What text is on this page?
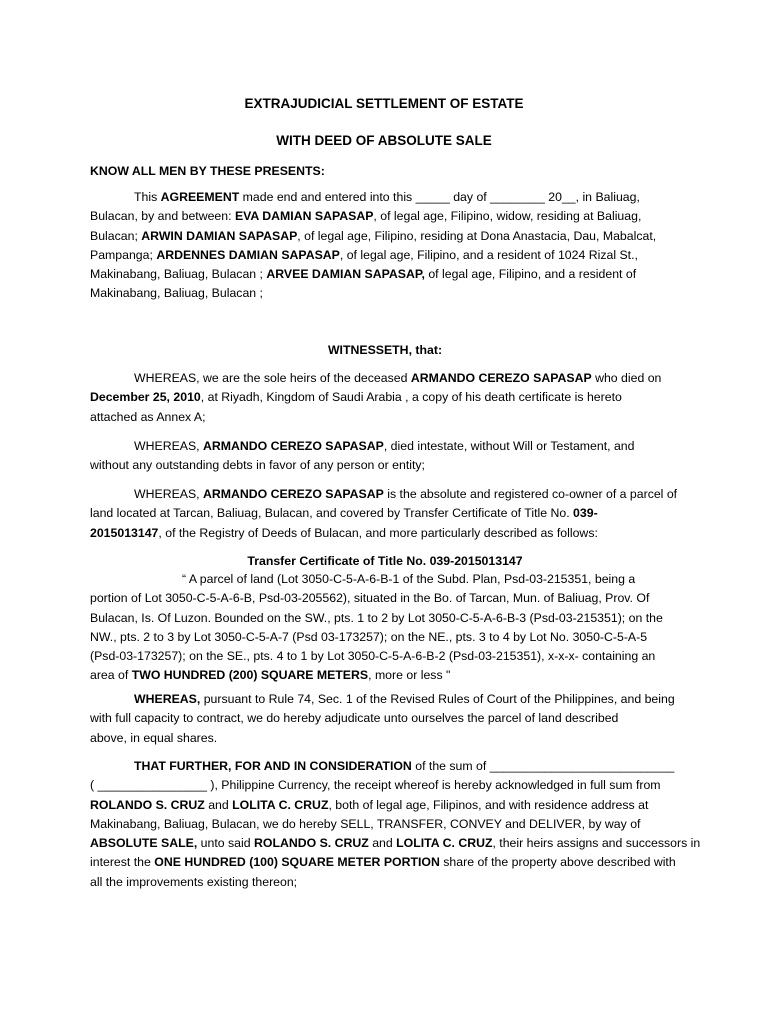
EXTRAJUDICIAL SETTLEMENT OF ESTATE
WITH DEED OF ABSOLUTE SALE
KNOW ALL MEN BY THESE PRESENTS:
This AGREEMENT made end and entered into this _____ day of ________ 20__, in Baliuag,
Bulacan, by and between: EVA DAMIAN SAPASAP, of legal age, Filipino, widow, residing at Baliuag,
Bulacan; ARWIN DAMIAN SAPASAP, of legal age, Filipino, residing at Dona Anastacia, Dau, Mabalcat,
Pampanga; ARDENNES DAMIAN SAPASAP, of legal age, Filipino, and a resident of 1024 Rizal St.,
Makinabang, Baliuag, Bulacan ; ARVEE DAMIAN SAPASAP, of legal age, Filipino, and a resident of
Makinabang, Baliuag, Bulacan ;
WITNESSETH, that:
WHEREAS, we are the sole heirs of the deceased ARMANDO CEREZO SAPASAP who died on
December 25, 2010, at Riyadh, Kingdom of Saudi Arabia , a copy of his death certificate is hereto
attached as Annex A;
WHEREAS, ARMANDO CEREZO SAPASAP, died intestate, without Will or Testament, and
without any outstanding debts in favor of any person or entity;
WHEREAS, ARMANDO CEREZO SAPASAP is the absolute and registered co-owner of a parcel of
land located at Tarcan, Baliuag, Bulacan, and covered by Transfer Certificate of Title No. 039-
2015013147, of the Registry of Deeds of Bulacan, and more particularly described as follows:
Transfer Certificate of Title No. 039-2015013147
“ A parcel of land (Lot 3050-C-5-A-6-B-1 of the Subd. Plan, Psd-03-215351, being a
portion of Lot 3050-C-5-A-6-B, Psd-03-205562), situated in the Bo. of Tarcan, Mun. of Baliuag, Prov. Of
Bulacan, Is. Of Luzon. Bounded on the SW., pts. 1 to 2 by Lot 3050-C-5-A-6-B-3 (Psd-03-215351); on the
NW., pts. 2 to 3 by Lot 3050-C-5-A-7 (Psd 03-173257); on the NE., pts. 3 to 4 by Lot No. 3050-C-5-A-5
(Psd-03-173257); on the SE., pts. 4 to 1 by Lot 3050-C-5-A-6-B-2 (Psd-03-215351), x-x-x- containing an
area of TWO HUNDRED (200) SQUARE METERS, more or less "
WHEREAS, pursuant to Rule 74, Sec. 1 of the Revised Rules of Court of the Philippines, and being
with full capacity to contract, we do hereby adjudicate unto ourselves the parcel of land described
above, in equal shares.
THAT FURTHER, FOR AND IN CONSIDERATION of the sum of ___________________________
( ________________ ), Philippine Currency, the receipt whereof is hereby acknowledged in full sum from
ROLANDO S. CRUZ and LOLITA C. CRUZ, both of legal age, Filipinos, and with residence address at
Makinabang, Baliuag, Bulacan, we do hereby SELL, TRANSFER, CONVEY and DELIVER, by way of
ABSOLUTE SALE, unto said ROLANDO S. CRUZ and LOLITA C. CRUZ, their heirs assigns and successors in
interest the ONE HUNDRED (100) SQUARE METER PORTION share of the property above described with
all the improvements existing thereon;
